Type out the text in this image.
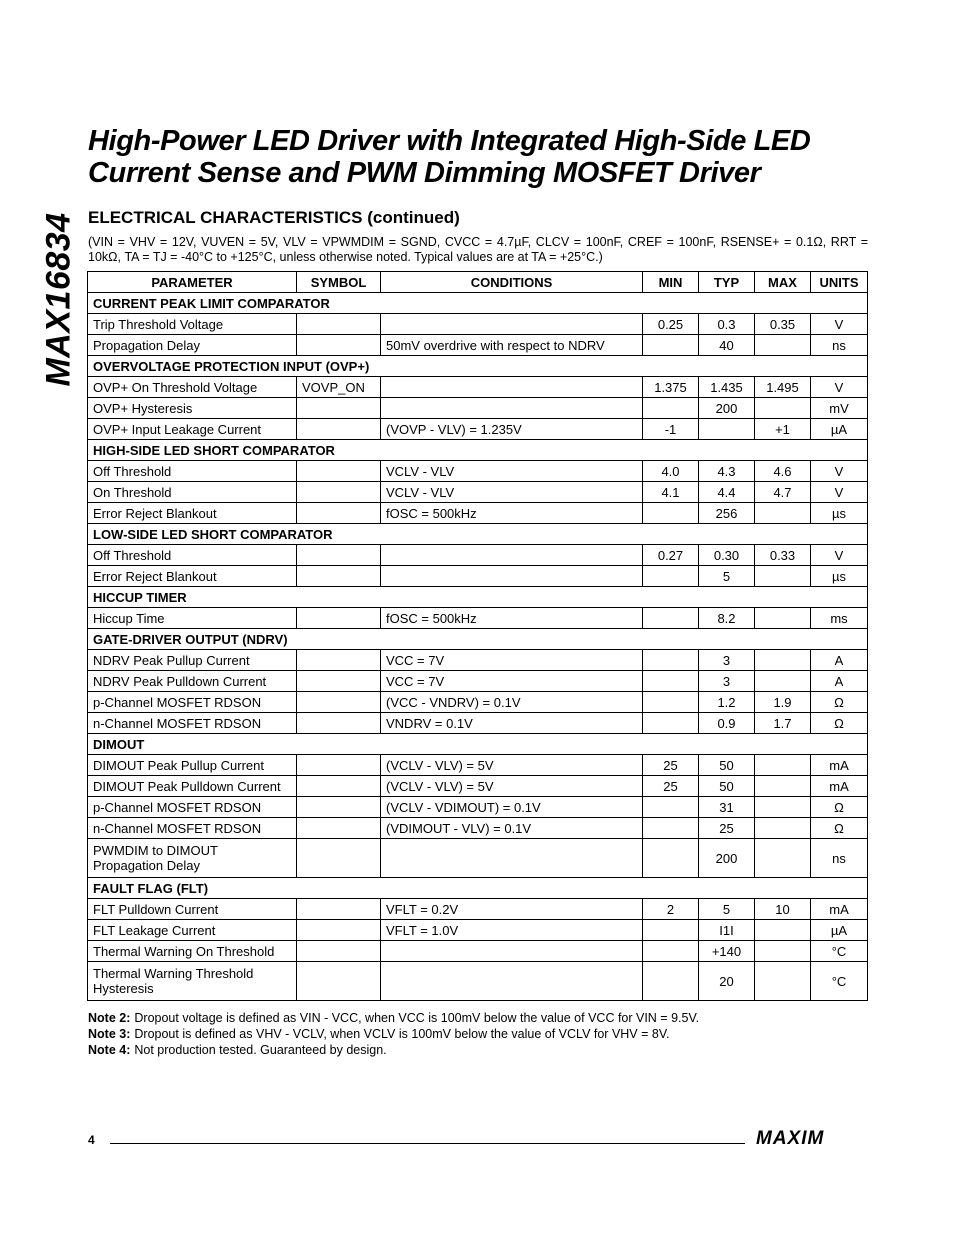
MAX16834
High-Power LED Driver with Integrated High-Side LED Current Sense and PWM Dimming MOSFET Driver
ELECTRICAL CHARACTERISTICS (continued)
(VIN = VHV = 12V, VUVEN = 5V, VLV = VPWMDIM = SGND, CVCC = 4.7µF, CLCV = 100nF, CREF = 100nF, RSENSE+ = 0.1Ω, RRT = 10kΩ, TA = TJ = -40°C to +125°C, unless otherwise noted. Typical values are at TA = +25°C.)
PARAMETER	SYMBOL	CONDITIONS	MIN	TYP	MAX	UNITS
CURRENT PEAK LIMIT COMPARATOR						
Trip Threshold Voltage			0.25	0.3	0.35	V
Propagation Delay		50mV overdrive with respect to NDRV		40		ns
OVERVOLTAGE PROTECTION INPUT (OVP+)						
OVP+ On Threshold Voltage	VOVP_ON		1.375	1.435	1.495	V
OVP+ Hysteresis				200		mV
OVP+ Input Leakage Current		(VOVP - VLV) = 1.235V	-1		+1	µA
HIGH-SIDE LED SHORT COMPARATOR						
Off Threshold		VCLV - VLV	4.0	4.3	4.6	V
On Threshold		VCLV - VLV	4.1	4.4	4.7	V
Error Reject Blankout		fOSC = 500kHz		256		µs
LOW-SIDE LED SHORT COMPARATOR						
Off Threshold			0.27	0.30	0.33	V
Error Reject Blankout				5		µs
HICCUP TIMER						
Hiccup Time		fOSC = 500kHz		8.2		ms
GATE-DRIVER OUTPUT (NDRV)						
NDRV Peak Pullup Current		VCC = 7V		3		A
NDRV Peak Pulldown Current		VCC = 7V		3		A
p-Channel MOSFET RDSON		(VCC - VNDRV) = 0.1V		1.2	1.9	Ω
n-Channel MOSFET RDSON		VNDRV = 0.1V		0.9	1.7	Ω
DIMOUT						
DIMOUT Peak Pullup Current		(VCLV - VLV) = 5V	25	50		mA
DIMOUT Peak Pulldown Current		(VCLV - VLV) = 5V	25	50		mA
p-Channel MOSFET RDSON		(VCLV - VDIMOUT) = 0.1V		31		Ω
n-Channel MOSFET RDSON		(VDIMOUT - VLV) = 0.1V		25		Ω
PWMDIM to DIMOUT Propagation Delay				200		ns
FAULT FLAG (FLT)						
FLT Pulldown Current		VFLT = 0.2V	2	5	10	mA
FLT Leakage Current		VFLT = 1.0V		I1I		µA
Thermal Warning On Threshold				+140		°C
Thermal Warning Threshold Hysteresis				20		°C
Note 2: Dropout voltage is defined as VIN - VCC, when VCC is 100mV below the value of VCC for VIN = 9.5V.
Note 3: Dropout is defined as VHV - VCLV, when VCLV is 100mV below the value of VCLV for VHV = 8V.
Note 4: Not production tested. Guaranteed by design.
4	MAXIM
